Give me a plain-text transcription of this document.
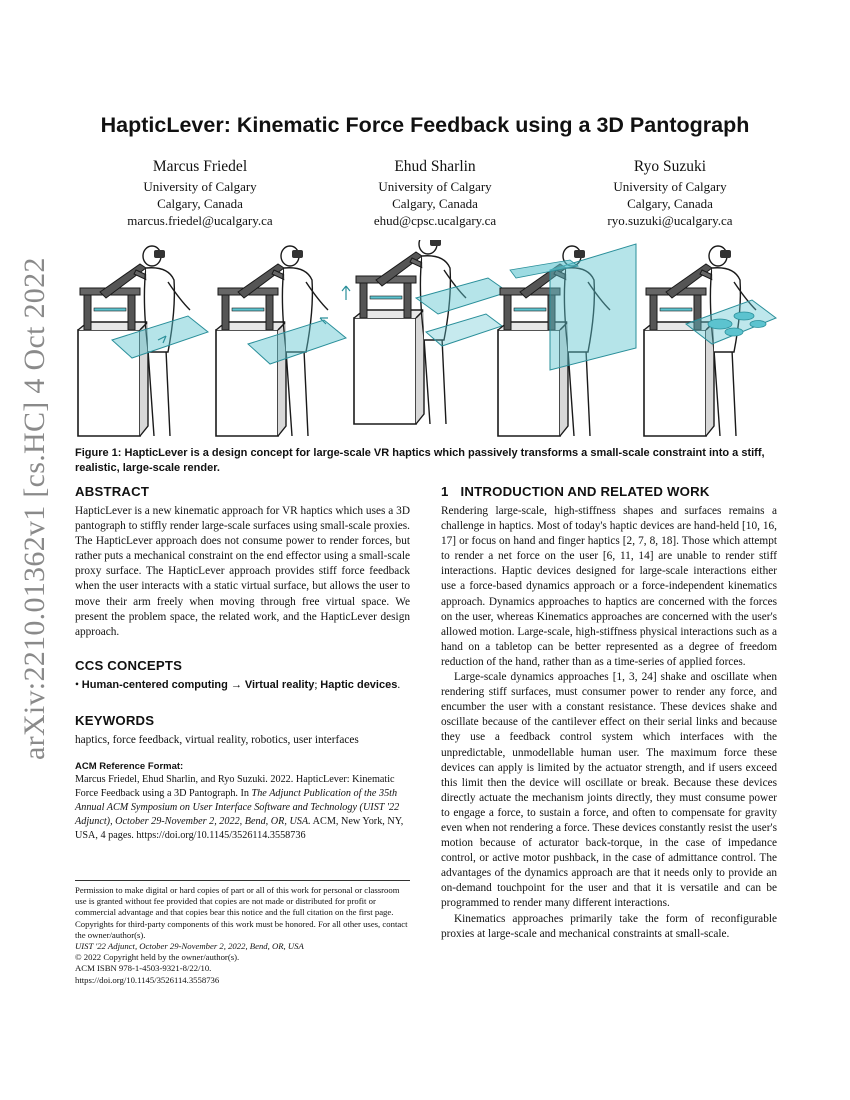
arXiv:2210.01362v1 [cs.HC] 4 Oct 2022
HapticLever: Kinematic Force Feedback using a 3D Pantograph
Marcus Friedel
University of Calgary
Calgary, Canada
marcus.friedel@ucalgary.ca
Ehud Sharlin
University of Calgary
Calgary, Canada
ehud@cpsc.ucalgary.ca
Ryo Suzuki
University of Calgary
Calgary, Canada
ryo.suzuki@ucalgary.ca
Figure 1: HapticLever is a design concept for large-scale VR haptics which passively transforms a small-scale constraint into a stiff, realistic, large-scale render.
ABSTRACT

HapticLever is a new kinematic approach for VR haptics which uses a 3D pantograph to stiffly render large-scale surfaces using small-scale proxies. The HapticLever approach does not consume power to render forces, but rather puts a mechanical constraint on the end effector using a small-scale proxy surface. The HapticLever approach provides stiff force feedback when the user interacts with a static virtual surface, but allows the user to move their arm freely when moving through free virtual space. We present the problem space, the related work, and the HapticLever design approach.

CCS CONCEPTS
• Human-centered computing → Virtual reality; Haptic devices.
KEYWORDS

haptics, force feedback, virtual reality, robotics, user interfaces

ACM Reference Format:

Marcus Friedel, Ehud Sharlin, and Ryo Suzuki. 2022. HapticLever: Kinematic Force Feedback using a 3D Pantograph. In The Adjunct Publication of the 35th Annual ACM Symposium on User Interface Software and Technology (UIST '22 Adjunct), October 29-November 2, 2022, Bend, OR, USA. ACM, New York, NY, USA, 4 pages. https://doi.org/10.1145/3526114.3558736

Permission to make digital or hard copies of part or all of this work for personal or classroom use is granted without fee provided that copies are not made or distributed for profit or commercial advantage and that copies bear this notice and the full citation on the first page. Copyrights for third-party components of this work must be honored. For all other uses, contact the owner/author(s).
UIST '22 Adjunct, October 29-November 2, 2022, Bend, OR, USA
© 2022 Copyright held by the owner/author(s).
ACM ISBN 978-1-4503-9321-8/22/10.
https://doi.org/10.1145/3526114.3558736
1 INTRODUCTION AND RELATED WORK

Rendering large-scale, high-stiffness shapes and surfaces remains a challenge in haptics. Most of today's haptic devices are hand-held [10, 16, 17] or focus on hand and finger haptics [2, 7, 8, 18]. Those which attempt to render a net force on the user [6, 11, 14] are unable to render stiff interactions. Haptic devices designed for large-scale interactions either use a force-based dynamics approach or a force-independent kinematics approach. Dynamics approaches to haptics are concerned with the forces on the user, whereas Kinematics approaches are concerned with the user's allowed motion. Large-scale, high-stiffness physical interactions such as a hand on a tabletop can be better represented as a degree of freedom reduction of the hand, rather than as a time-series of applied forces.

Large-scale dynamics approaches [1, 3, 24] shake and oscillate when rendering stiff surfaces, must consumer power to render any force, and encumber the user with a constant resistance. These devices shake and oscillate because of the cantilever effect on their serial links and because they use a feedback control system which interfaces with the unpredictable, unmodellable human user. The maximum force these devices can apply is limited by the actuator strength, and if users exceed this limit then the device will oscillate or break. Because these devices directly actuate the mechanism joints directly, they must consume power to engage a force, to sustain a force, and often to compensate for gravity even when not rendering a force. These devices constantly resist the user's motion because of acturator back-torque, in the case of impedance control, or active motor pushback, in the case of admittance control. The advantages of the dynamics approach are that it needs only to provide an on-demand touchpoint for the user and that it is versatile and can be programmed to render many different interactions.

Kinematics approaches primarily take the form of reconfigurable proxies at large-scale and mechanical constraints at small-scale.
